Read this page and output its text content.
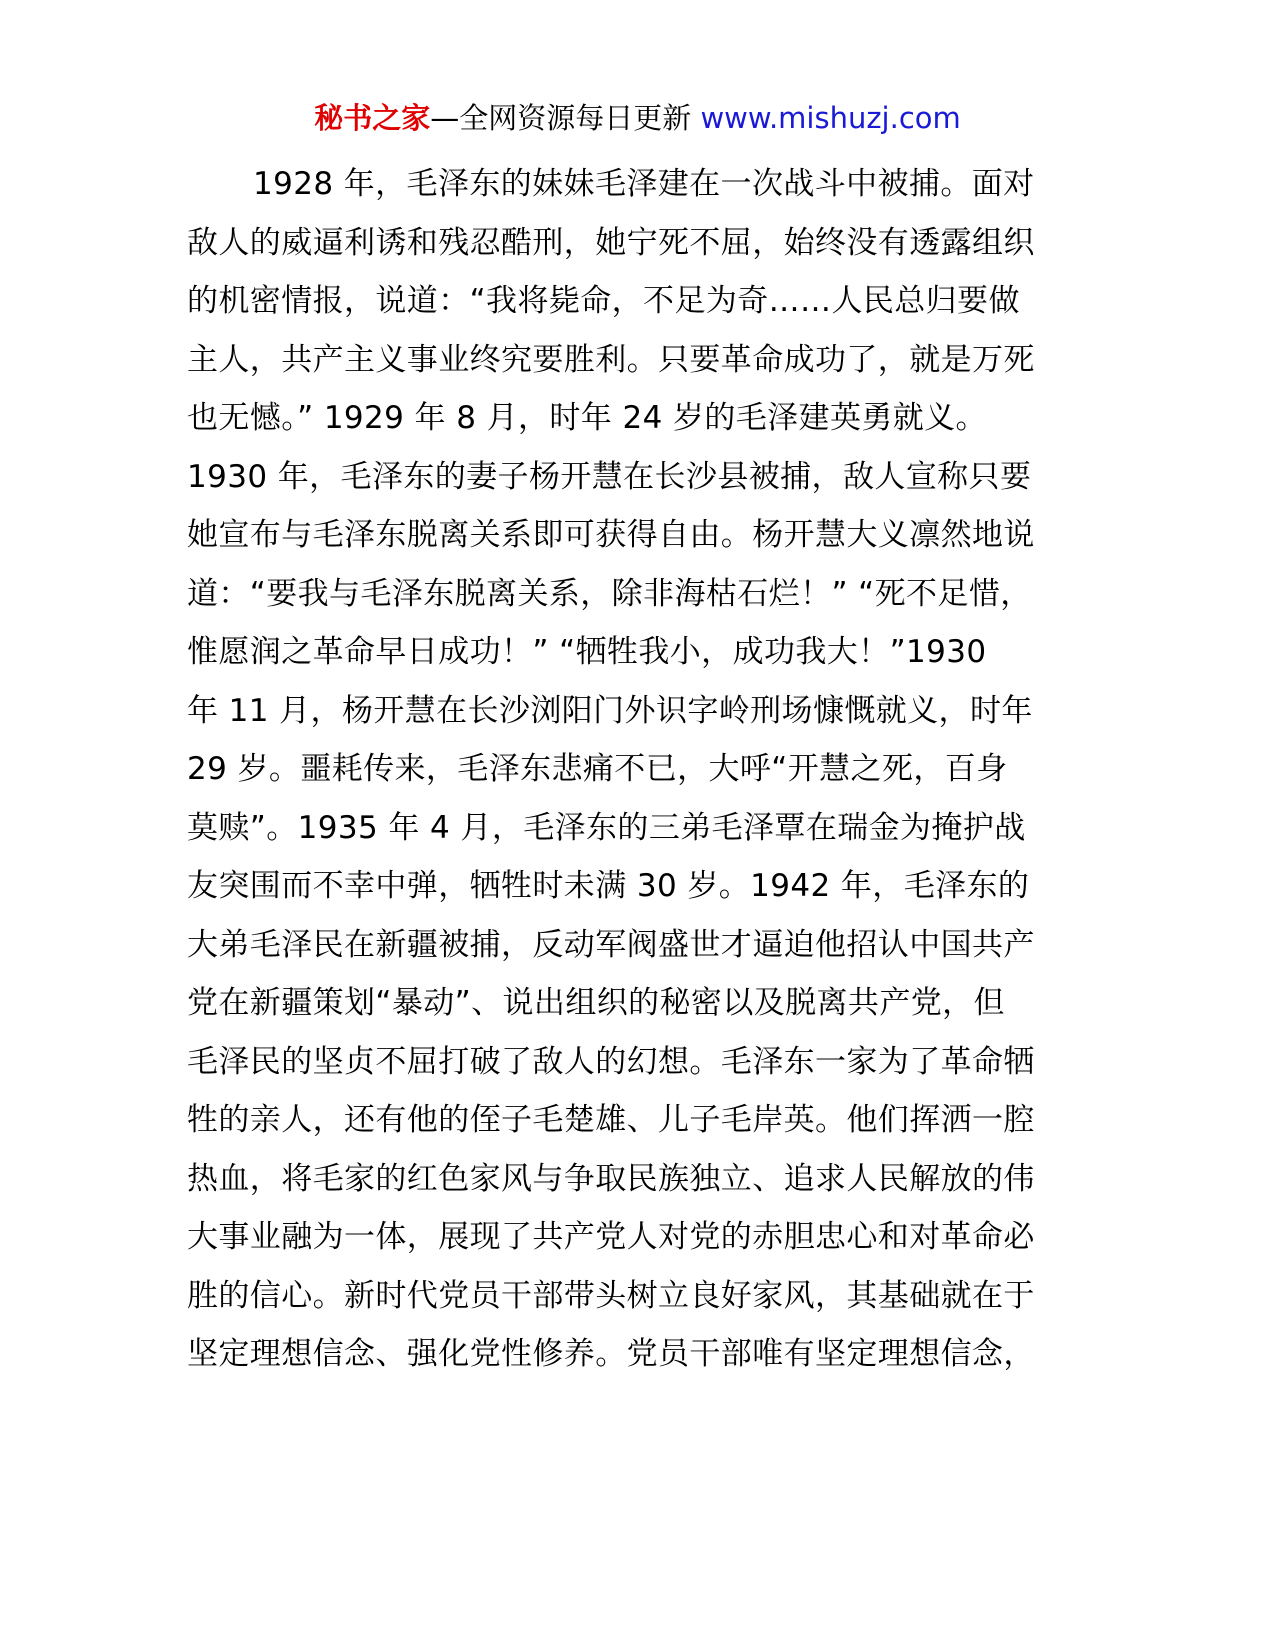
秘书之家—全网资源每日更新 www.mishuzj.com
1928 年，毛泽东的妹妹毛泽建在一次战斗中被捕。面对
敌人的威逼利诱和残忍酷刑，她宁死不屈，始终没有透露组织
的机密情报，说道：“我将毙命，不足为奇……人民总归要做
主人，共产主义事业终究要胜利。只要革命成功了，就是万死
也无憾。” 1929 年 8 月，时年 24 岁的毛泽建英勇就义。
1930 年，毛泽东的妻子杨开慧在长沙县被捕，敌人宣称只要
她宣布与毛泽东脱离关系即可获得自由。杨开慧大义凛然地说
道：“要我与毛泽东脱离关系，除非海枯石烂！” “死不足惜，
惟愿润之革命早日成功！” “牺牲我小，成功我大！”1930
年 11 月，杨开慧在长沙浏阳门外识字岭刑场慷慨就义，时年
29 岁。噩耗传来，毛泽东悲痛不已，大呼“开慧之死，百身
莫赎”。1935 年 4 月，毛泽东的三弟毛泽覃在瑞金为掩护战
友突围而不幸中弹，牺牲时未满 30 岁。1942 年，毛泽东的
大弟毛泽民在新疆被捕，反动军阀盛世才逼迫他招认中国共产
党在新疆策划“暴动”、说出组织的秘密以及脱离共产党，但
毛泽民的坚贞不屈打破了敌人的幻想。毛泽东一家为了革命牺
牲的亲人，还有他的侄子毛楚雄、儿子毛岸英。他们挥洒一腔
热血，将毛家的红色家风与争取民族独立、追求人民解放的伟
大事业融为一体，展现了共产党人对党的赤胆忠心和对革命必
胜的信心。新时代党员干部带头树立良好家风，其基础就在于
坚定理想信念、强化党性修养。党员干部唯有坚定理想信念，
